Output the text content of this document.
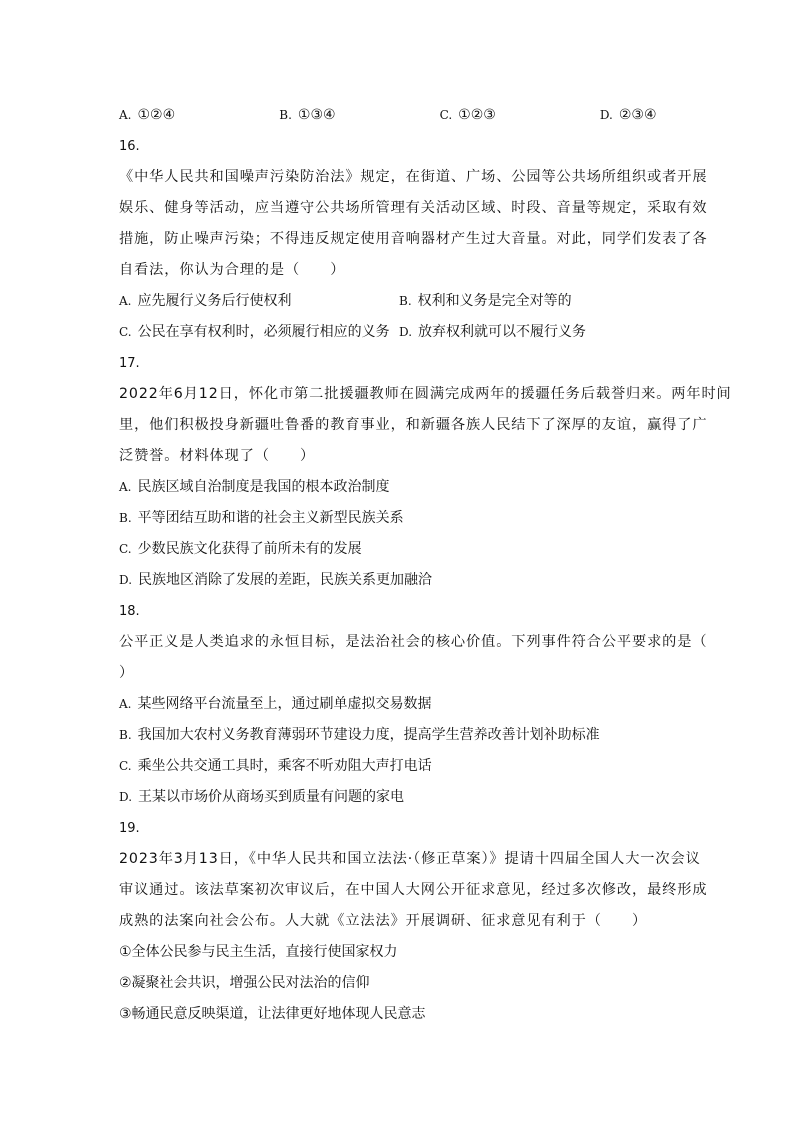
A. ①②④	B. ①③④	C. ①②③	D. ②③④
16.
《中华人民共和国噪声污染防治法》规定，在街道、广场、公园等公共场所组织或者开展
娱乐、健身等活动，应当遵守公共场所管理有关活动区域、时段、音量等规定，采取有效
措施，防止噪声污染；不得违反规定使用音响器材产生过大音量。对此，同学们发表了各
自看法，你认为合理的是（　　）
A. 应先履行义务后行使权利	B. 权利和义务是完全对等的
C. 公民在享有权利时，必须履行相应的义务 D. 放弃权利就可以不履行义务
17.
2022年6月12日，怀化市第二批援疆教师在圆满完成两年的援疆任务后载誉归来。两年时间
里，他们积极投身新疆吐鲁番的教育事业，和新疆各族人民结下了深厚的友谊，赢得了广
泛赞誉。材料体现了（　　）
A. 民族区域自治制度是我国的根本政治制度
B. 平等团结互助和谐的社会主义新型民族关系
C. 少数民族文化获得了前所未有的发展
D. 民族地区消除了发展的差距，民族关系更加融洽
18.
公平正义是人类追求的永恒目标，是法治社会的核心价值。下列事件符合公平要求的是（
）
A. 某些网络平台流量至上，通过刷单虚拟交易数据
B. 我国加大农村义务教育薄弱环节建设力度，提高学生营养改善计划补助标准
C. 乘坐公共交通工具时，乘客不听劝阻大声打电话
D. 王某以市场价从商场买到质量有问题的家电
19.
2023年3月13日，《中华人民共和国立法法·（修正草案）》提请十四届全国人大一次会议
审议通过。该法草案初次审议后，在中国人大网公开征求意见，经过多次修改，最终形成
成熟的法案向社会公布。人大就《立法法》开展调研、征求意见有利于（　　）
①全体公民参与民主生活，直接行使国家权力
②凝聚社会共识，增强公民对法治的信仰
③畅通民意反映渠道，让法律更好地体现人民意志
